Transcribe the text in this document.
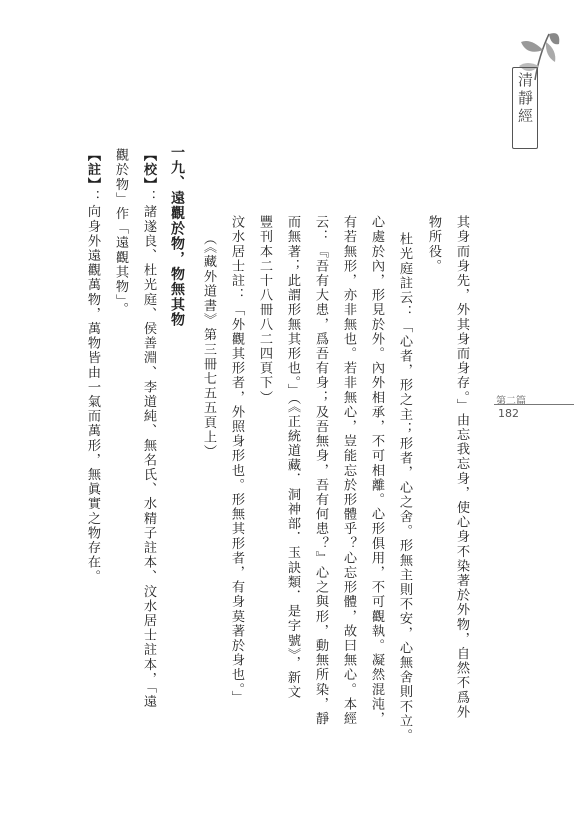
清靜經
第二篇
182
其身而身先，外其身而身存。」由忘我忘身，使心身不染著於外物，自然不爲外
物所役。
杜光庭註云：「心者，形之主；形者，心之舍。形無主則不安，心無舍則不立。
心處於內，形見於外。內外相承，不可相離。心形俱用，不可觀執。凝然混沌，
有若無形，亦非無也。若非無心，豈能忘於形體乎？心忘形體，故曰無心。本經
云：『吾有大患，爲吾有身；及吾無身，吾有何患？』心之與形，動無所染，靜
而無著；此謂形無其形也。」（《正統道藏．洞神部．玉訣類．是字號》，新文
豐刊本二十八冊八二四頁下）
汶水居士註：「外觀其形者，外照身形也。形無其形者，有身莫著於身也。」
（《藏外道書》第三冊七五五頁上）
一九、遠觀於物，物無其物
【校】
：諸遂良、杜光庭、侯善淵、李道純、無名氏、水精子註本、汶水居士註本，「遠
觀於物」作「遠觀其物」。
【註】
：向身外遠觀萬物，萬物皆由一氣而萬形，無眞實之物存在。
